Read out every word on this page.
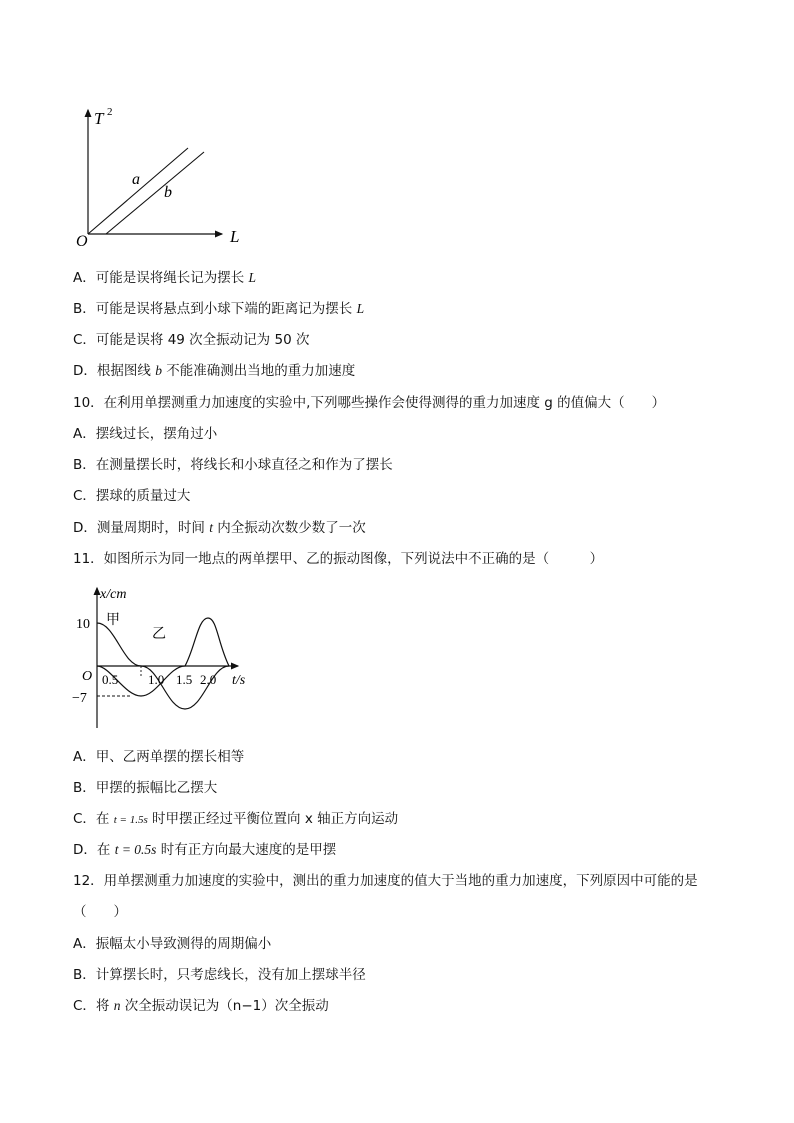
T 2
L
O
a
b
A．可能是误将绳长记为摆长 L
B．可能是误将悬点到小球下端的距离记为摆长 L
C．可能是误将 49 次全振动记为 50 次
D．根据图线 b 不能准确测出当地的重力加速度
10．在利用单摆测重力加速度的实验中,下列哪些操作会使得测得的重力加速度 g 的值偏大（　　）
A．摆线过长，摆角过小
B．在测量摆长时，将线长和小球直径之和作为了摆长
C．摆球的质量过大
D．测量周期时，时间 t 内全振动次数少数了一次
11．如图所示为同一地点的两单摆甲、乙的振动图像，下列说法中不正确的是（　　　）
x/cm
t/s
O
10
−7
0.5 1.0 1.5 2.0
甲
乙
A．甲、乙两单摆的摆长相等
B．甲摆的振幅比乙摆大
C．在 t = 1.5s 时甲摆正经过平衡位置向 x 轴正方向运动
D．在 t = 0.5s 时有正方向最大速度的是甲摆
12．用单摆测重力加速度的实验中，测出的重力加速度的值大于当地的重力加速度，下列原因中可能的是
（　　）
A．振幅太小导致测得的周期偏小
B．计算摆长时，只考虑线长，没有加上摆球半径
C．将 n 次全振动误记为（n−1）次全振动
